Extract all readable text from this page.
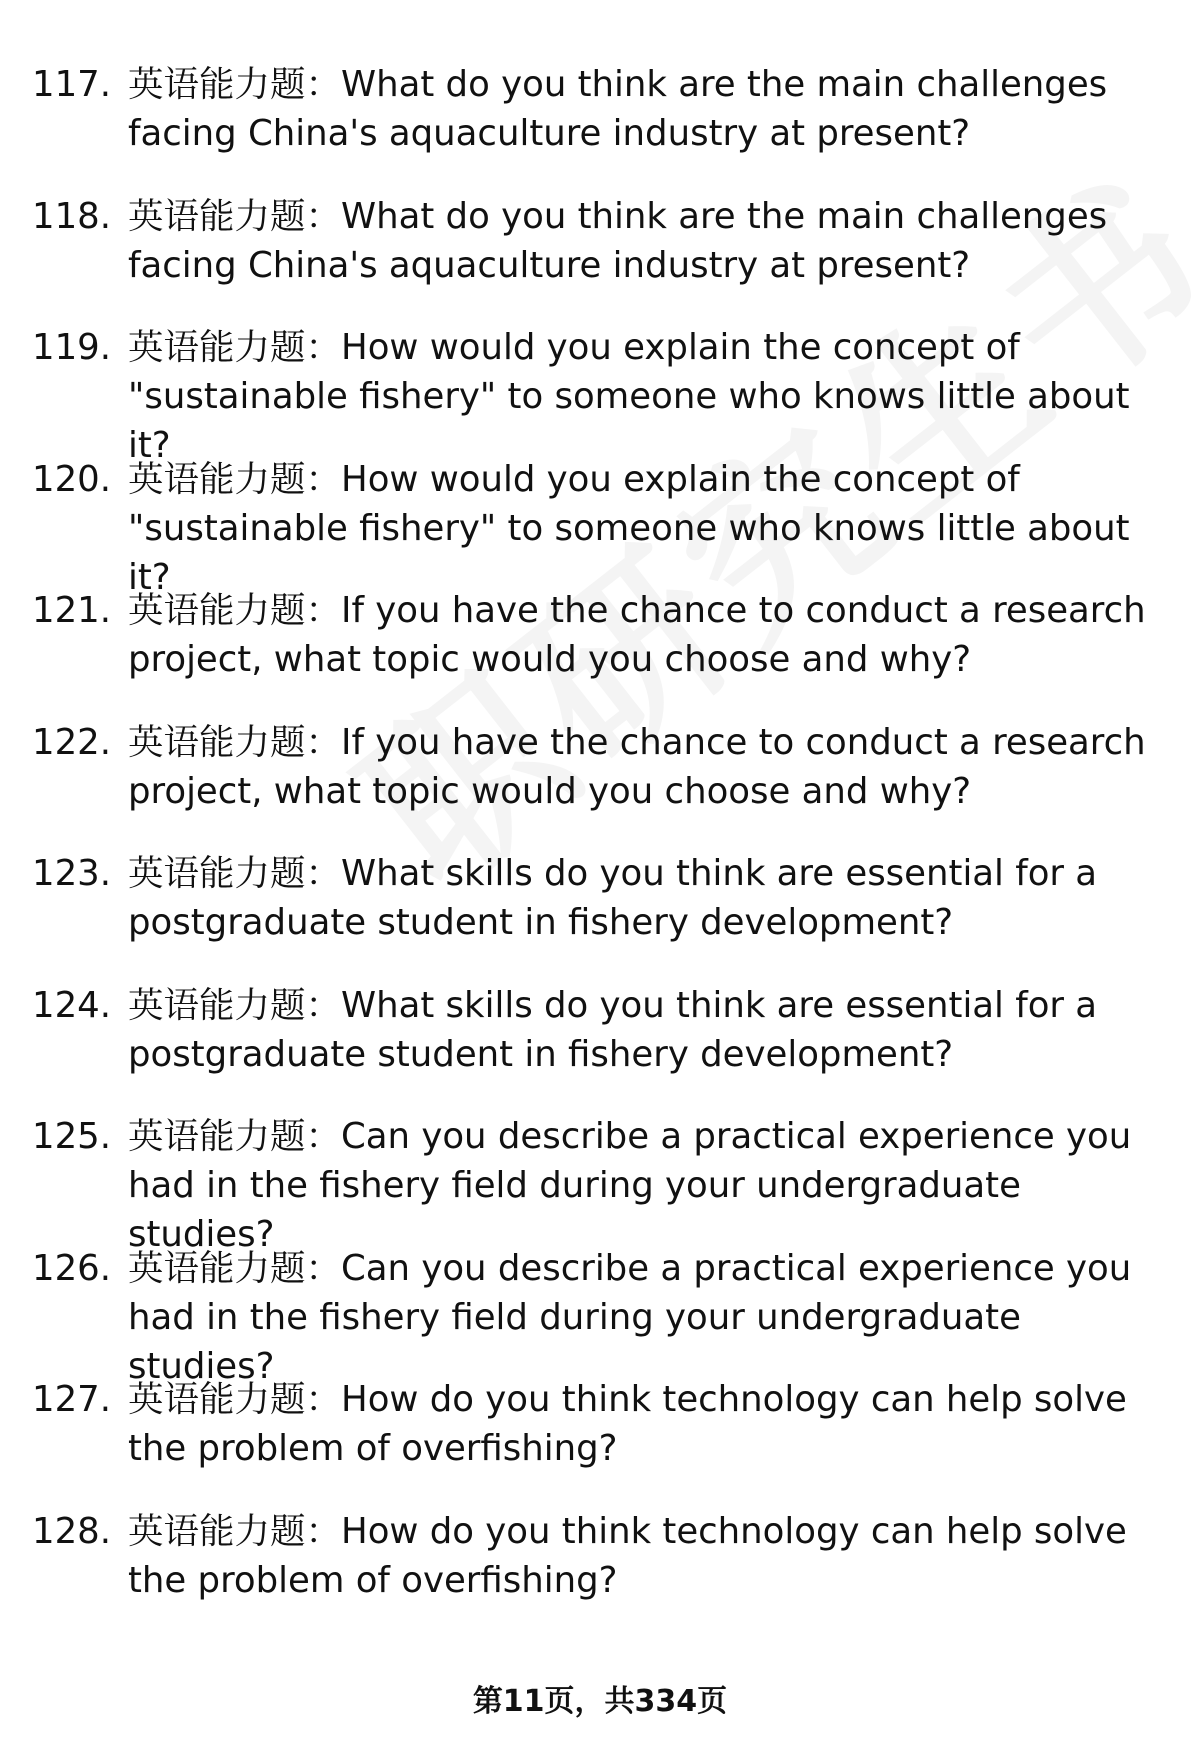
117. 英语能力题：What do you think are the main challenges facing China's aquaculture industry at present?
118. 英语能力题：What do you think are the main challenges facing China's aquaculture industry at present?
119. 英语能力题：How would you explain the concept of "sustainable fishery" to someone who knows little about it?
120. 英语能力题：How would you explain the concept of "sustainable fishery" to someone who knows little about it?
121. 英语能力题：If you have the chance to conduct a research project, what topic would you choose and why?
122. 英语能力题：If you have the chance to conduct a research project, what topic would you choose and why?
123. 英语能力题：What skills do you think are essential for a postgraduate student in fishery development?
124. 英语能力题：What skills do you think are essential for a postgraduate student in fishery development?
125. 英语能力题：Can you describe a practical experience you had in the fishery field during your undergraduate studies?
126. 英语能力题：Can you describe a practical experience you had in the fishery field during your undergraduate studies?
127. 英语能力题：How do you think technology can help solve the problem of overfishing?
128. 英语能力题：How do you think technology can help solve the problem of overfishing?
第11页，共334页
